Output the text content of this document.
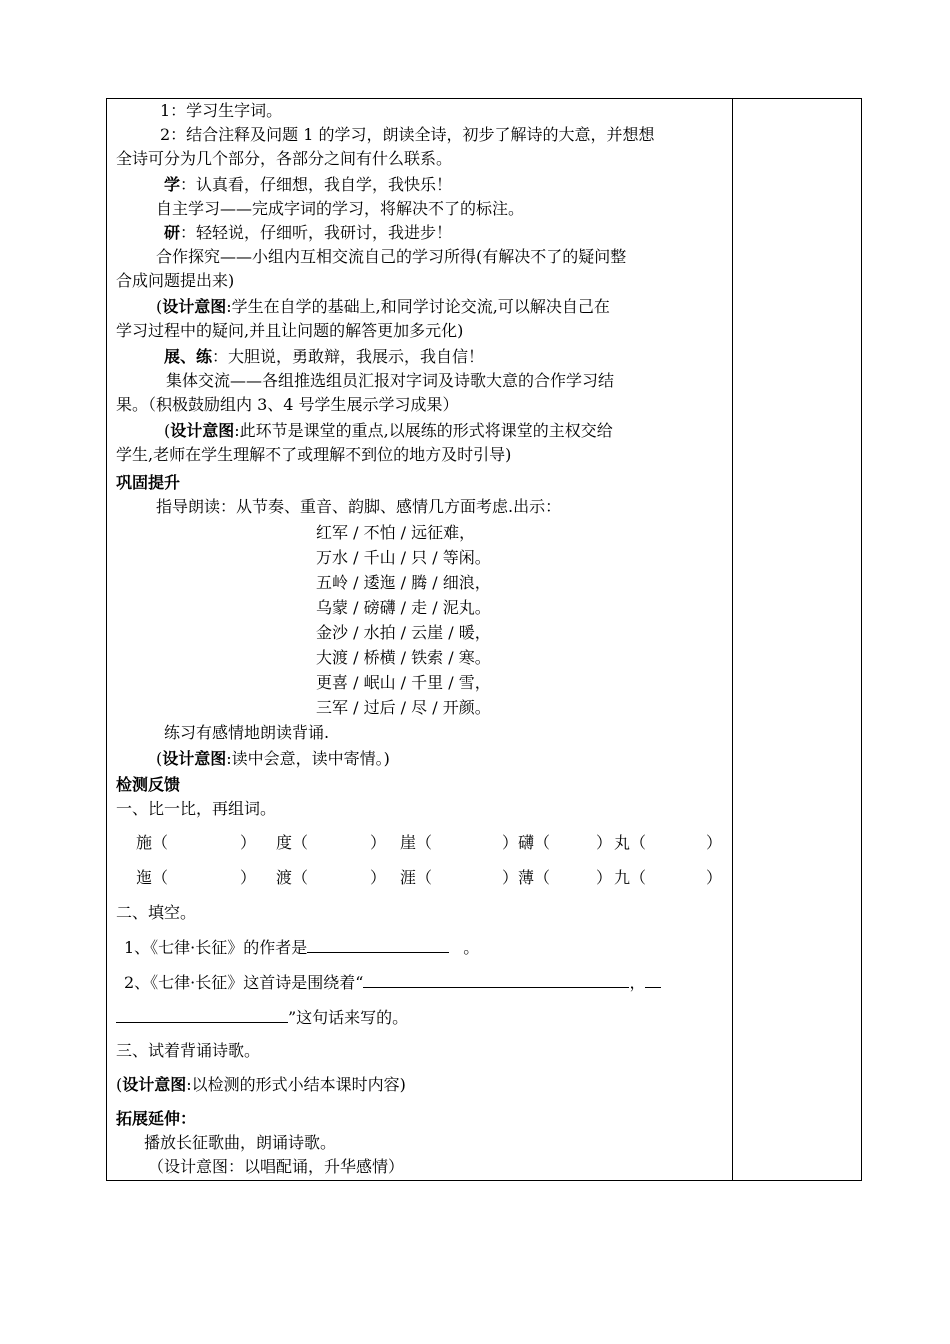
1：学习生字词。
2：结合注释及问题 1 的学习，朗读全诗，初步了解诗的大意，并想想
全诗可分为几个部分，各部分之间有什么联系。
学：认真看，仔细想，我自学，我快乐！
自主学习——完成字词的学习，将解决不了的标注。
研：轻轻说，仔细听，我研讨，我进步！
合作探究——小组内互相交流自己的学习所得(有解决不了的疑问整
合成问题提出来)
(设计意图:学生在自学的基础上,和同学讨论交流,可以解决自己在
学习过程中的疑问,并且让问题的解答更加多元化)
展、练：大胆说，勇敢辩，我展示，我自信！
集体交流——各组推选组员汇报对字词及诗歌大意的合作学习结
果。（积极鼓励组内 3、4 号学生展示学习成果）
(设计意图:此环节是课堂的重点,以展练的形式将课堂的主权交给
学生,老师在学生理解不了或理解不到位的地方及时引导)
巩固提升
指导朗读：从节奏、重音、韵脚、感情几方面考虑.出示：
红军 / 不怕 / 远征难，
万水 / 千山 / 只 / 等闲。
五岭 / 逶迤 / 腾 / 细浪，
乌蒙 / 磅礴 / 走 / 泥丸。
金沙 / 水拍 / 云崖 / 暖，
大渡 / 桥横 / 铁索 / 寒。
更喜 / 岷山 / 千里 / 雪，
三军 / 过后 / 尽 / 开颜。
练习有感情地朗读背诵.
(设计意图:读中会意，读中寄情。)
检测反馈
一、比一比，再组词。
施（	） 度（	） 崖（	） 礴（	） 丸（	）
迤（	） 渡（	） 涯（	） 薄（	） 九（	）
二、填空。
1、《七律·长征》的作者是	。
2、《七律·长征》这首诗是围绕着“	，
”这句话来写的。
三、试着背诵诗歌。
(设计意图:以检测的形式小结本课时内容)
拓展延伸：
播放长征歌曲，朗诵诗歌。
（设计意图：以唱配诵，升华感情）
